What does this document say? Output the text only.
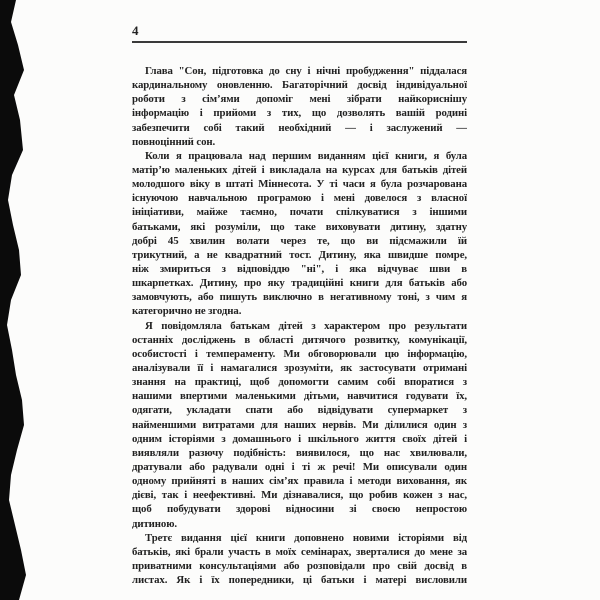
4
Глава "Сон, підготовка до сну і нічні пробудження" піддалася
кардинальному оновленню. Багаторічний досвід індивідуальної
роботи з сім’ями допоміг мені зібрати найкориснішу
інформацію і прийоми з тих, що дозволять вашій родині
забезпечити собі такий необхідний — і заслужений —
повноцінний сон.
Коли я працювала над першим виданням цієї книги, я була
матір’ю маленьких дітей і викладала на курсах для батьків дітей
молодшого віку в штаті Міннесота. У ті часи я була розчарована
існуючою навчальною програмою і мені довелося з власної
ініціативи, майже таємно, почати спілкуватися з іншими
батьками, які розуміли, що таке виховувати дитину, здатну
добрі 45 хвилин волати через те, що ви підсмажили їй
трикутний, а не квадратний тост. Дитину, яка швидше помре,
ніж змириться з відповіддю "ні", і яка відчуває шви в
шкарпетках. Дитину, про яку традиційні книги для батьків або
замовчують, або пишуть виключно в негативному тоні, з чим я
категорично не згодна.
Я повідомляла батькам дітей з характером про результати
останніх досліджень в області дитячого розвитку, комунікації,
особистості і темпераменту. Ми обговорювали цю інформацію,
аналізували її і намагалися зрозуміти, як застосувати отримані
знання на практиці, щоб допомогти самим собі впоратися з
нашими впертими маленькими дітьми, навчитися годувати їх,
одягати, укладати спати або відвідувати супермаркет з
найменшими витратами для наших нервів. Ми ділилися один з
одним історіями з домашнього і шкільного життя своїх дітей і
виявляли разючу подібність: виявилося, що нас хвилювали,
дратували або радували одні і ті ж речі! Ми описували один
одному прийняті в наших сім’ях правила і методи виховання, як
дієві, так і неефективні. Ми дізнавалися, що робив кожен з нас,
щоб побудувати здорові відносини зі своєю непростою
дитиною.
Третє видання цієї книги доповнено новими історіями від
батьків, які брали участь в моїх семінарах, зверталися до мене за
приватними консультаціями або розповідали про свій досвід в
листах. Як і їх попередники, ці батьки і матері висловили
